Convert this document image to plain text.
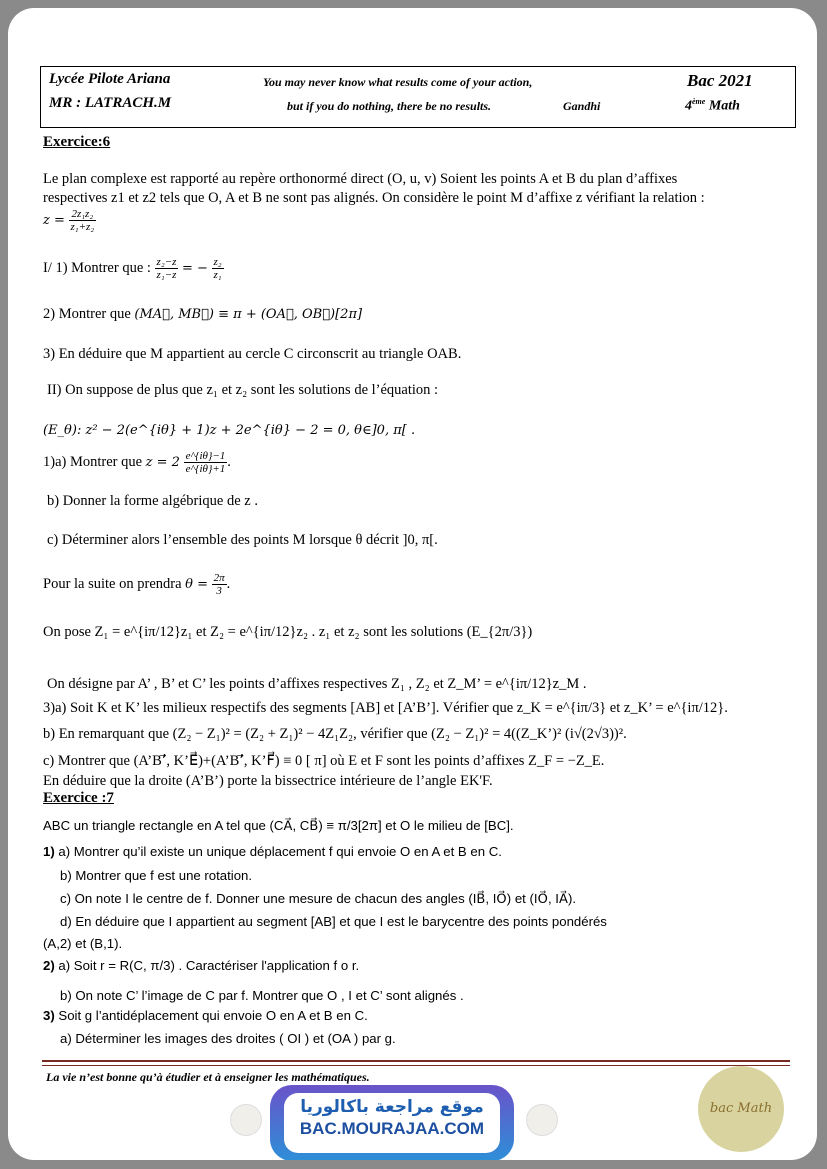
Lycée Pilote Ariana
MR : LATRACH.M
You may never know what results come of your action,
but if you do nothing, there be no results.	Gandhi
Bac 2021
4ème Math
Exercice:6
Le plan complexe est rapporté au repère orthonormé direct (O, u, v) Soient les points A et B du plan d’affixes
respectives z1 et z2 tels que O, A et B ne sont pas alignés. On considère le point M d’affixe z vérifiant la relation :
$z = \frac{\text{2z₁z₂}}{\text{z₁+z₂}}$
I/ 1) Montrer que : $\frac{\text{z₂−z}}{\text{z₁−z}}$ = − $\frac{\text{z₂}}{\text{z₁}}$
2) Montrer que (MA⃗, MB⃗) ≡ π + (OA⃗, OB⃗)[2π]
3) En déduire que M appartient au cercle C circonscrit au triangle OAB.
II) On suppose de plus que z₁ et z₂ sont les solutions de l’équation :
(E_θ): z² − 2(e^{iθ} + 1)z + 2e^{iθ} − 2 = 0, θ∈]0, π[ .
1)a) Montrer que $z = 2 \frac{e\^{}\{i\theta\}-1}{e\^{}\{i\theta\}+1}$ .
b) Donner la forme algébrique de z .
c) Déterminer alors l’ensemble des points M lorsque θ décrit ]0, π[.
Pour la suite on prendra $\theta = \frac{2\pi}{3}$ .
On pose Z₁ = e^{iπ/12}z₁ et Z₂ = e^{iπ/12}z₂ . z₁ et z₂ sont les solutions (E_{2π/3})
On désigne par A’ , B’ et C’ les points d’affixes respectives Z₁ , Z₂ et Z_M’ = e^{iπ/12}z_M .
3)a) Soit K et K’ les milieux respectifs des segments [AB] et [A’B’]. Vérifier que z_K = e^{iπ/3} et z_K’ = e^{iπ/12}.
b) En remarquant que (Z₂ − Z₁)² = (Z₂ + Z₁)² − 4Z₁Z₂, vérifier que (Z₂ − Z₁)² = 4((Z_K’)² (i√(2√3))².
c) Montrer que (A’B’⃗, K’E⃗)+(A’B’⃗, K’F⃗) ≡ 0 [ π] où E et F sont les points d’affixes Z_F = −Z_E.
En déduire que la droite (A’B’) porte la bissectrice intérieure de l’angle EK'F.
Exercice :7
ABC un triangle rectangle en A tel que (CA⃗, CB⃗) ≡ π/3[2π] et O le milieu de [BC].
1) a) Montrer qu’il existe un unique déplacement f qui envoie O en A et B en C.
b) Montrer que f est une rotation.
c) On note I le centre de f. Donner une mesure de chacun des angles (IB⃗, IO⃗) et (IO⃗, IA⃗).
d) En déduire que I appartient au segment [AB] et que I est le barycentre des points pondérés
(A,2) et (B,1).
2) a) Soit r = R(C, π/3) . Caractériser l'application f o r.
b) On note C’ l’image de C par f. Montrer que O , I et C’ sont alignés .
3) Soit g l’antidéplacement qui envoie O en A et B en C.
a) Déterminer les images des droites ( OI ) et (OA ) par g.
La vie n’est bonne qu’à étudier et à enseigner les mathématiques.
موقع مراجعة باكالوريا
BAC.MOURAJAA.COM
bac Math
